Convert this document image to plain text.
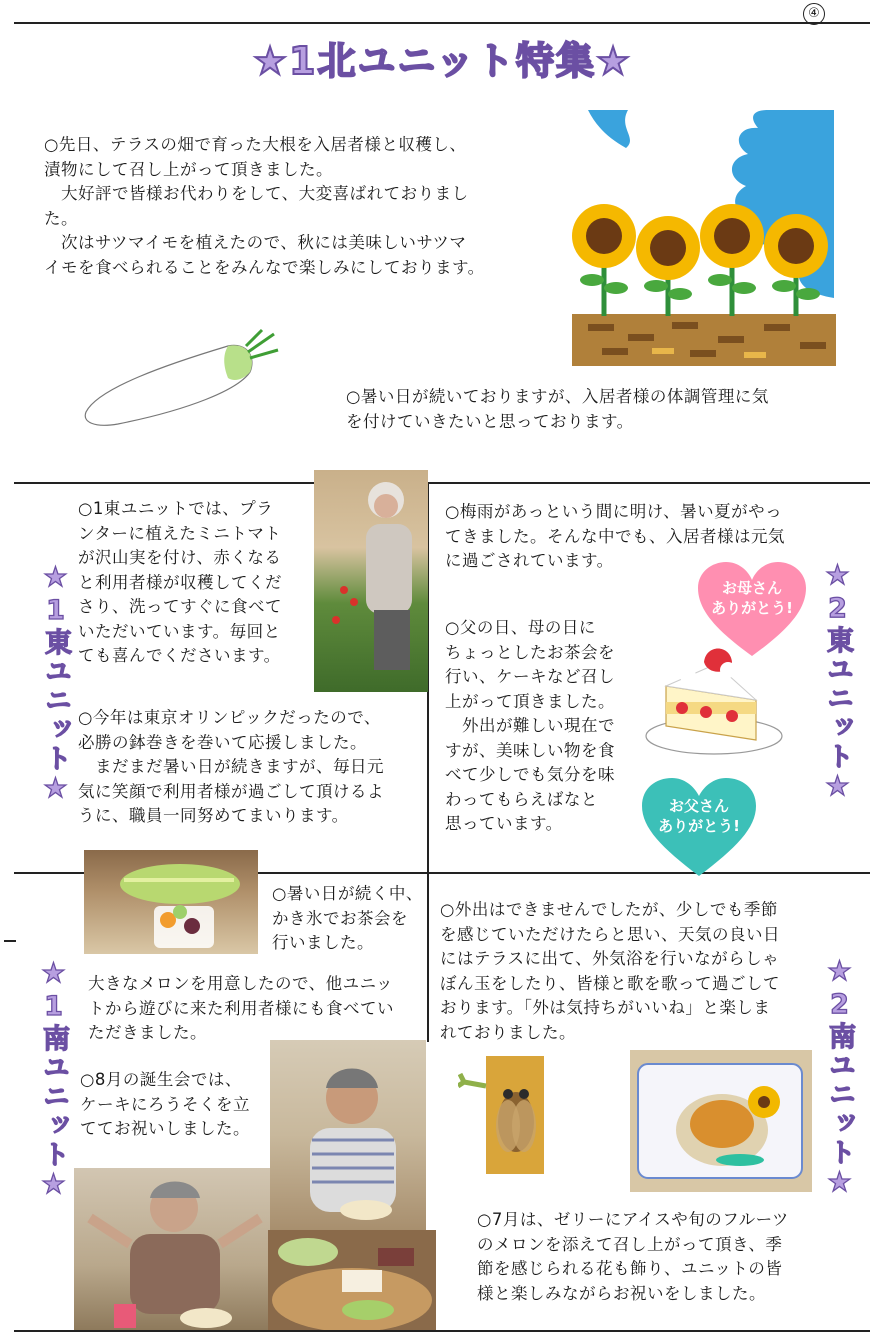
④
★1北ユニット特集★
○先日、テラスの畑で育った大根を入居者様と収穫し、
漬物にして召し上がって頂きました。
　大好評で皆様お代わりをして、大変喜ばれておりまし
た。
　次はサツマイモを植えたので、秋には美味しいサツマ
イモを食べられることをみんなで楽しみにしております。
○暑い日が続いておりますが、入居者様の体調管理に気
を付けていきたいと思っております。
★1東ユニット★
○1東ユニットでは、プラ
ンターに植えたミニトマト
が沢山実を付け、赤くなる
と利用者様が収穫してくだ
さり、洗ってすぐに食べて
いただいています。毎回と
ても喜んでくださいます。
○今年は東京オリンピックだったので、
必勝の鉢巻きを巻いて応援しました。
　まだまだ暑い日が続きますが、毎日元
気に笑顔で利用者様が過ごして頂けるよ
うに、職員一同努めてまいります。
○梅雨があっという間に明け、暑い夏がやっ
てきました。そんな中でも、入居者様は元気
に過ごされています。
○父の日、母の日に
ちょっとしたお茶会を
行い、ケーキなど召し
上がって頂きました。
　外出が難しい現在で
すが、美味しい物を食
べて少しでも気分を味
わってもらえばなと
思っています。
★2東ユニット★
お母さん
ありがとう!
お父さん
ありがとう!
○暑い日が続く中、
かき氷でお茶会を
行いました。
★1南ユニット★ 大きなメロンを用意したので、他ユニッ
トから遊びに来た利用者様にも食べてい
ただきました。
○8月の誕生会では、
ケーキにろうそくを立
ててお祝いしました。
○外出はできませんでしたが、少しでも季節
を感じていただけたらと思い、天気の良い日
にはテラスに出て、外気浴を行いながらしゃ
ぼん玉をしたり、皆様と歌を歌って過ごして
おります。「外は気持ちがいいね」と楽しま
れておりました。	★2南ユニット★
○7月は、ゼリーにアイスや旬のフルーツ
のメロンを添えて召し上がって頂き、季
節を感じられる花も飾り、ユニットの皆
様と楽しみながらお祝いをしました。
